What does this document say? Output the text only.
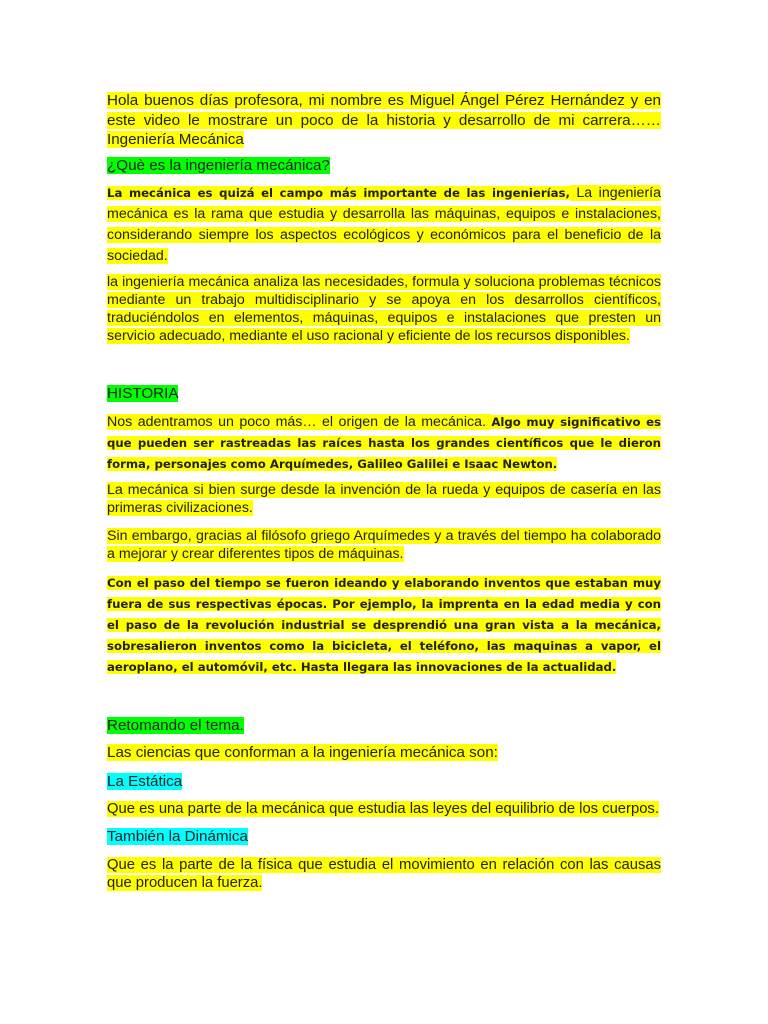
Hola buenos días profesora, mi nombre es Miguel Ángel Pérez Hernández y en este video le mostrare un poco de la historia y desarrollo de mi carrera…… Ingeniería Mecánica

¿Què es la ingeniería mecánica?

La mecánica es quizá el campo más importante de las ingenierías, La ingeniería mecánica es la rama que estudia y desarrolla las máquinas, equipos e instalaciones, considerando siempre los aspectos ecológicos y económicos para el beneficio de la sociedad.

la ingeniería mecánica analiza las necesidades, formula y soluciona problemas técnicos mediante un trabajo multidisciplinario y se apoya en los desarrollos científicos, traduciéndolos en elementos, máquinas, equipos e instalaciones que presten un servicio adecuado, mediante el uso racional y eficiente de los recursos disponibles.

HISTORIA

Nos adentramos un poco más… el origen de la mecánica. Algo muy significativo es que pueden ser rastreadas las raíces hasta los grandes científicos que le dieron forma, personajes como Arquímedes, Galileo Galilei e Isaac Newton.

La mecánica si bien surge desde la invención de la rueda y equipos de casería en las primeras civilizaciones.

Sin embargo, gracias al filósofo griego Arquímedes y a través del tiempo ha colaborado a mejorar y crear diferentes tipos de máquinas.

Con el paso del tiempo se fueron ideando y elaborando inventos que estaban muy fuera de sus respectivas épocas. Por ejemplo, la imprenta en la edad media y con el paso de la revolución industrial se desprendió una gran vista a la mecánica, sobresalieron inventos como la bicicleta, el teléfono, las maquinas a vapor, el aeroplano, el automóvil, etc. Hasta llegara las innovaciones de la actualidad.

Retomando el tema.

Las ciencias que conforman a la ingeniería mecánica son:

La Estática

Que es una parte de la mecánica que estudia las leyes del equilibrio de los cuerpos.

También la Dinámica

Que es la parte de la física que estudia el movimiento en relación con las causas que producen la fuerza.
